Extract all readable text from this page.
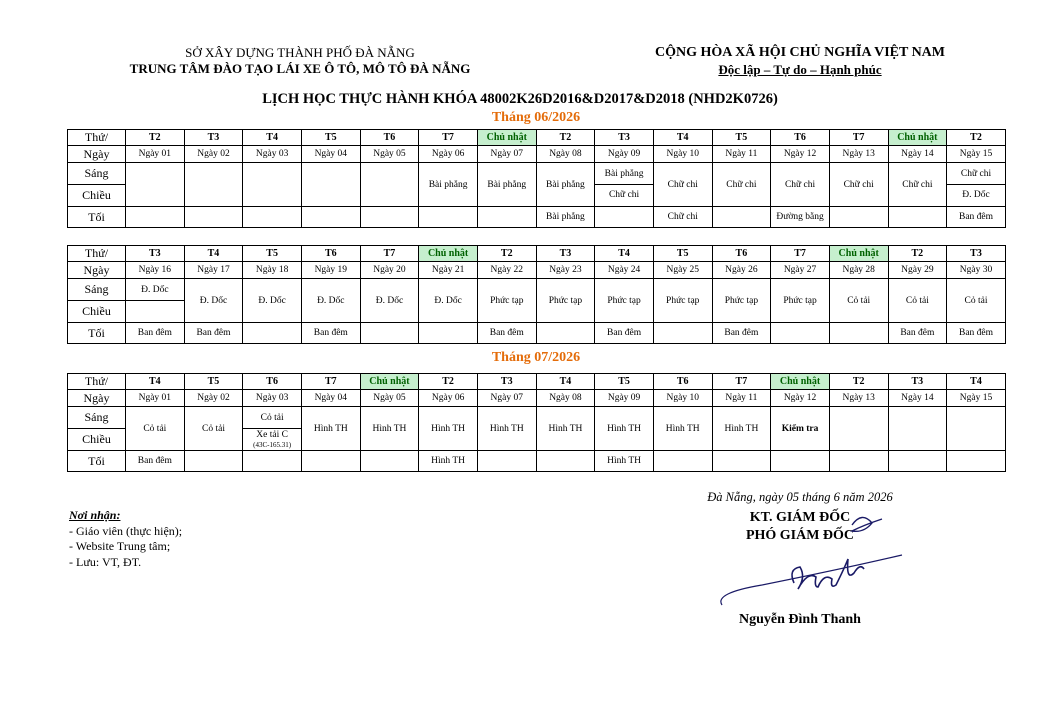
SỞ XÂY DỰNG THÀNH PHỐ ĐÀ NẴNG
TRUNG TÂM ĐÀO TẠO LÁI XE Ô TÔ, MÔ TÔ ĐÀ NẴNG
CỘNG HÒA XÃ HỘI CHỦ NGHĨA VIỆT NAM
Độc lập – Tự do – Hạnh phúc
LỊCH HỌC THỰC HÀNH KHÓA 48002K26D2016&D2017&D2018 (NHD2K0726)
Tháng 06/2026
Thứ/	T2	T3	T4	T5	T6	T7	Chủ nhật	T2	T3	T4	T5	T6	T7	Chủ nhật	T2
Ngày	Ngày 01	Ngày 02	Ngày 03	Ngày 04	Ngày 05	Ngày 06	Ngày 07	Ngày 08	Ngày 09	Ngày 10	Ngày 11	Ngày 12	Ngày 13	Ngày 14	Ngày 15
Sáng						Bài phẳng	Bài phẳng	Bài phẳng	Bài phẳng	Chữ chi	Chữ chi	Chữ chi	Chữ chi	Chữ chi	Chữ chi
Chiều									Chữ chi						Đ. Dốc

Tối								Bài phẳng		Chữ chi		Đường bằng			Ban đêm
Thứ/	T3	T4	T5	T6	T7	Chủ nhật	T2	T3	T4	T5	T6	T7	Chủ nhật	T2	T3
Ngày	Ngày 16	Ngày 17	Ngày 18	Ngày 19	Ngày 20	Ngày 21	Ngày 22	Ngày 23	Ngày 24	Ngày 25	Ngày 26	Ngày 27	Ngày 28	Ngày 29	Ngày 30
Sáng	Đ. Dốc	Đ. Dốc	Đ. Dốc	Đ. Dốc	Đ. Dốc	Đ. Dốc	Phức tạp	Phức tạp	Phức tạp	Phức tạp	Phức tạp	Phức tạp	Cỏ tải	Cỏ tải	Cỏ tải
Chiều															

Tối	Ban đêm	Ban đêm		Ban đêm			Ban đêm		Ban đêm		Ban đêm			Ban đêm	Ban đêm
Tháng 07/2026
Thứ/	T4	T5	T6	T7	Chủ nhật	T2	T3	T4	T5	T6	T7	Chủ nhật	T2	T3	T4
Ngày	Ngày 01	Ngày 02	Ngày 03	Ngày 04	Ngày 05	Ngày 06	Ngày 07	Ngày 08	Ngày 09	Ngày 10	Ngày 11	Ngày 12	Ngày 13	Ngày 14	Ngày 15
Sáng	Cỏ tải	Cỏ tải	Cỏ tải	Hình TH	Hình TH	Hình TH	Hình TH	Hình TH	Hình TH	Hình TH	Hình TH	Kiểm tra			
Chiều			Xe tải C
(43C-165.31)												

Tối	Ban đêm					Hình TH			Hình TH						
Nơi nhận:
- Giáo viên (thực hiện);
- Website Trung tâm;
- Lưu: VT, ĐT.
Đà Nẵng, ngày 05 tháng 6 năm 2026
KT. GIÁM ĐỐC
PHÓ GIÁM ĐỐC
Nguyễn Đình Thanh
